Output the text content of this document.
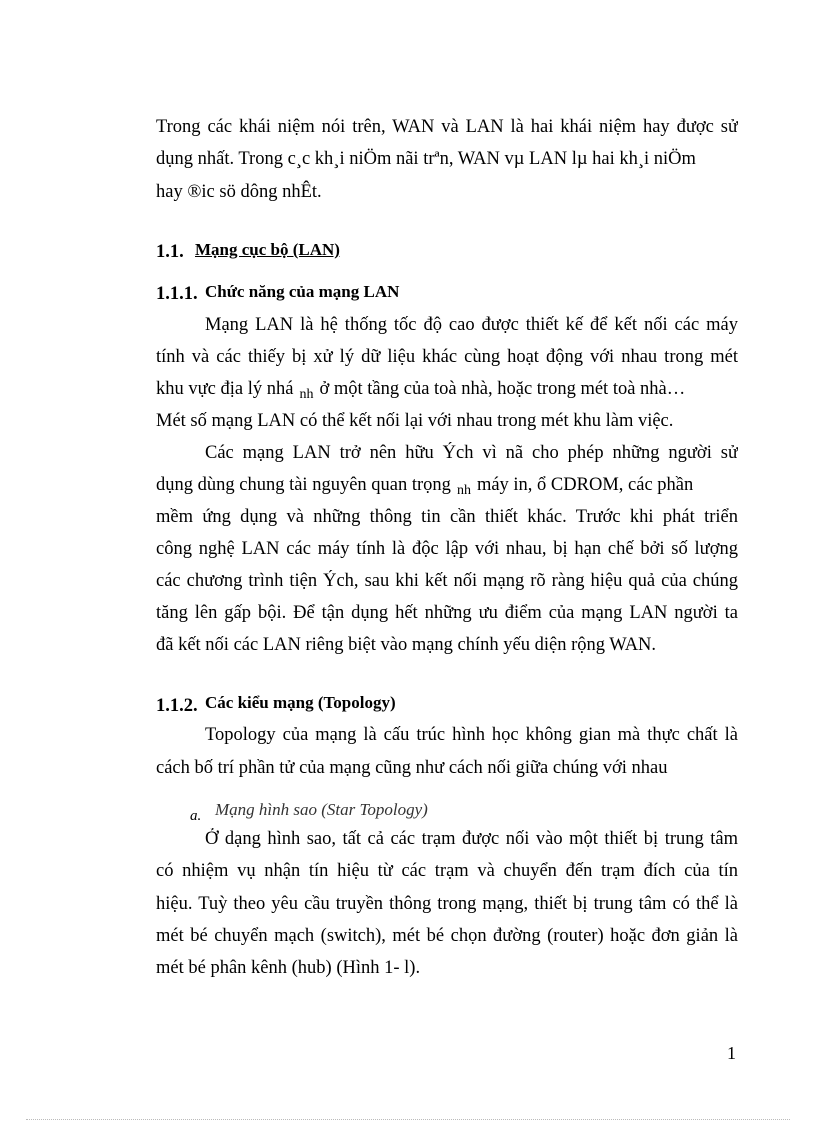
Trong các khái niệm nói trên, WAN và LAN là hai khái niệm hay được sử
dụng nhất. Trong c¸c kh¸i niÖm nãi trªn, WAN vµ LAN lµ hai kh¸i niÖm
hay ®ic sö dông nhÊt.
1.1. Mạng cục bộ (LAN)
1.1.1. Chức năng của mạng LAN
Mạng LAN là hệ thống tốc độ cao được thiết kế để kết nối các máy
tính và các thiếy bị xử lý dữ liệu khác cùng hoạt động với nhau trong mét
khu vực địa lý nhá $_{nh}$ ở một tầng của toà nhà, hoặc trong mét toà nhà…
Mét số mạng LAN có thể kết nối lại với nhau trong mét khu làm việc.
Các mạng LAN trở nên hữu Ých vì nã cho phép những người sử
dụng dùng chung tài nguyên quan trọng $_{nh}$ máy in, ổ CDROM, các phần
mềm ứng dụng và những thông tin cần thiết khác. Trước khi phát triển
công nghệ LAN các máy tính là độc lập với nhau, bị hạn chế bởi số lượng
các chương trình tiện Ých, sau khi kết nối mạng rõ ràng hiệu quả của chúng
tăng lên gấp bội. Để tận dụng hết những ưu điểm của mạng LAN người ta
đã kết nối các LAN riêng biệt vào mạng chính yếu diện rộng WAN.
1.1.2. Các kiểu mạng (Topology)
Topology của mạng là cấu trúc hình học không gian mà thực chất là
cách bố trí phần tử của mạng cũng như cách nối giữa chúng với nhau
a. Mạng hình sao (Star Topology)
Ở dạng hình sao, tất cả các trạm được nối vào một thiết bị trung tâm
có nhiệm vụ nhận tín hiệu từ các trạm và chuyển đến trạm đích của tín
hiệu. Tuỳ theo yêu cầu truyền thông trong mạng, thiết bị trung tâm có thể là
mét bé chuyển mạch (switch), mét bé chọn đường (router) hoặc đơn giản là
mét bé phân kênh (hub) (Hình 1- l).
1
